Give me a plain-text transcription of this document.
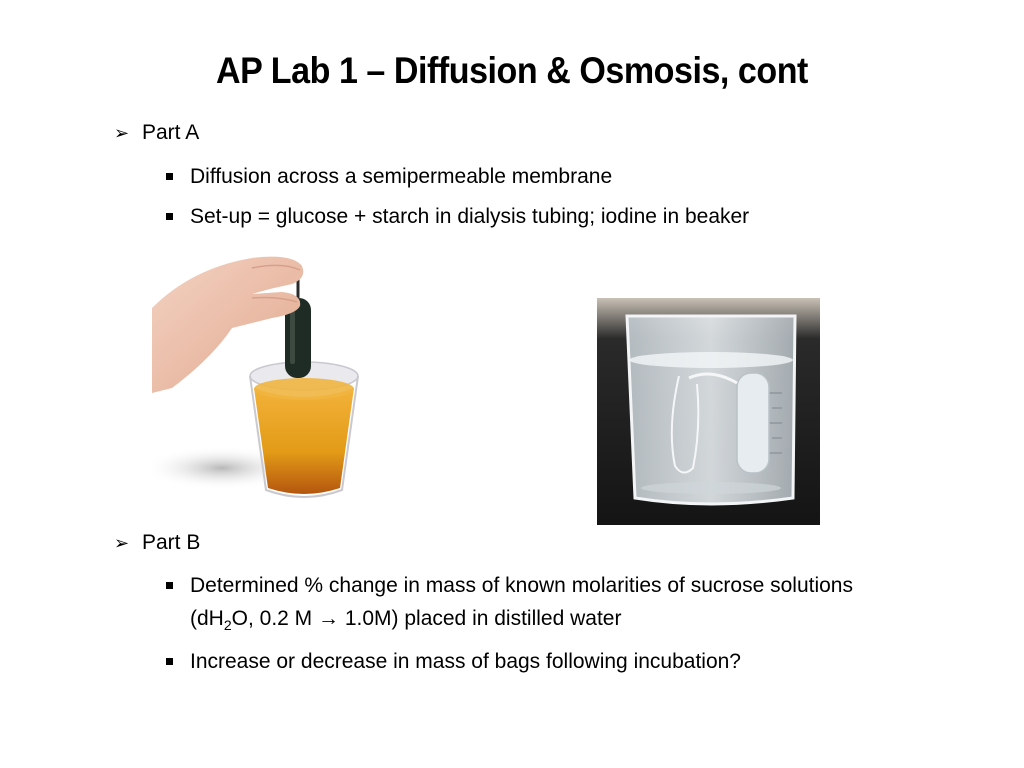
AP Lab 1 – Diffusion & Osmosis, cont
➢ Part A
Diffusion across a semipermeable membrane
Set-up = glucose + starch in dialysis tubing; iodine in beaker
➢ Part B
Determined % change in mass of known molarities of sucrose solutions
($dH_2O$, 0.2 M → 1.0M) placed in distilled water
Increase or decrease in mass of bags following incubation?
